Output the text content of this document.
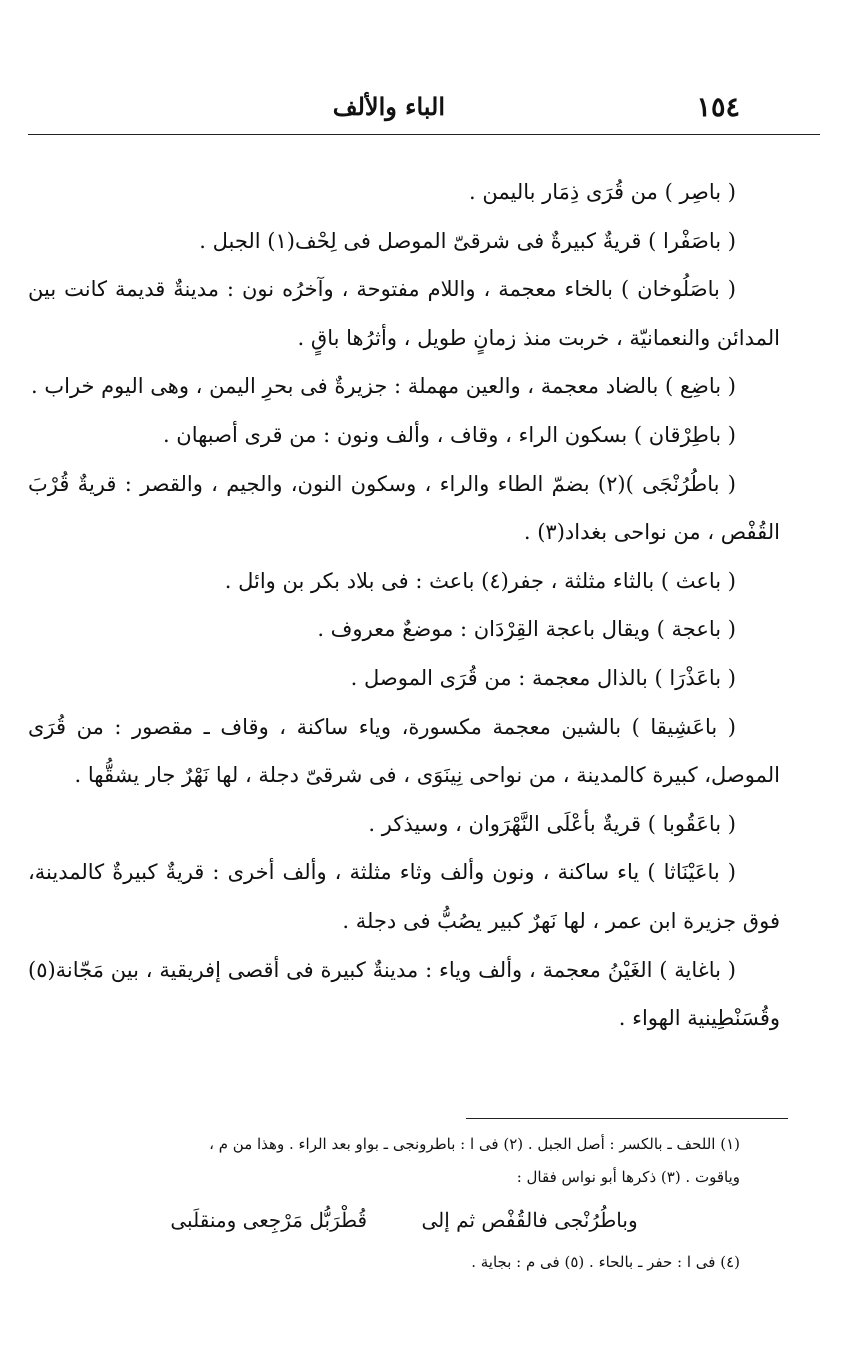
١٥٤
الباء والألف

( باصِر ) من قُرَى ذِمَار باليمن .

( باصَفْرا ) قريةٌ كبيرةٌ فى شرقىّ الموصل فى لِحْف(١) الجبل .

( باصَلُوخان ) بالخاء معجمة ، واللام مفتوحة ، وآخرُه نون : مدينةٌ قديمة كانت بين المدائن والنعمانيّة ، خربت منذ زمانٍ طويل ، وأثرُها باقٍ .

( باضِع ) بالضاد معجمة ، والعين مهملة : جزيرةٌ فى بحرِ اليمن ، وهى اليوم خراب .

( باطِرْقان ) بسكون الراء ، وقاف ، وألف ونون : من قرى أصبهان .

( باطُرُنْجَى )(٢) بضمّ الطاء والراء ، وسكون النون، والجيم ، والقصر : قريةٌ قُرْبَ القُفْص ، من نواحى بغداد(٣) .

( باعث ) بالثاء مثلثة ، جفر(٤) باعث : فى بلاد بكر بن وائل .

( باعجة ) ويقال باعجة القِرْدَان : موضعٌ معروف .

( باعَذْرَا ) بالذال معجمة : من قُرَى الموصل .

( باعَشِيقا ) بالشين معجمة مكسورة، وياء ساكنة ، وقاف ـ مقصور : من قُرَى الموصل، كبيرة كالمدينة ، من نواحى نِينَوَى ، فى شرقىّ دجلة ، لها نَهْرٌ جار يشقُّها .

( باعَقُوبا ) قريةٌ بأعْلَى النَّهْرَوان ، وسيذكر .

( باعَيْنَاثا ) ياء ساكنة ، ونون وألف وثاء مثلثة ، وألف أخرى : قريةٌ كبيرةٌ كالمدينة، فوق جزيرة ابن عمر ، لها نَهرٌ كبير يصُبُّ فى دجلة .

( باغاية ) الغَيْنُ معجمة ، وألف وياء : مدينةٌ كبيرة فى أقصى إفريقية ، بين مَجّانة(٥) وقُسَنْطِينية الهواء .

(١) اللحف ـ بالكسر : أصل الجبل . (٢) فى ا : باطرونجى ـ بواو بعد الراء . وهذا من م ،

وياقوت . (٣) ذكرها أبو نواس فقال :

وباطُرُنْجى فالقُفْص ثم إلى قُطْرَبُّل مَرْجِعى ومنقلَبى

(٤) فى ا : حفر ـ بالحاء . (٥) فى م : بجاية .
